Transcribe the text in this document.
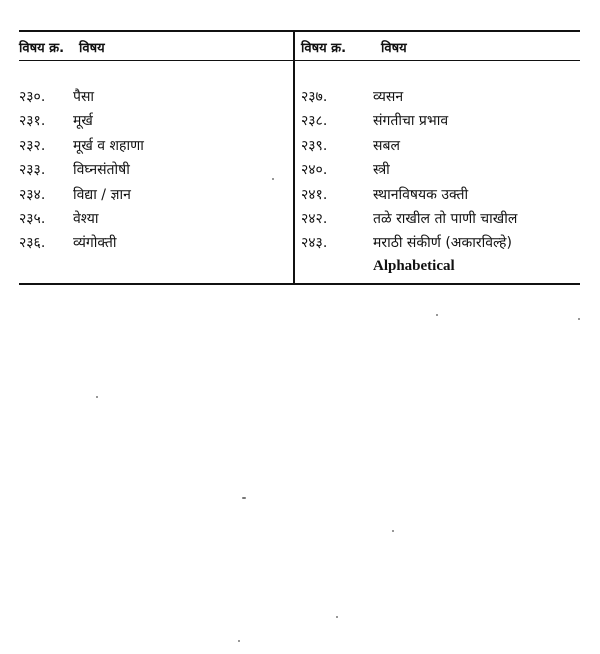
विषय क्र. विषय
२३०. पैसा
२३१. मूर्ख
२३२. मूर्ख व शहाणा
२३३. विघ्नसंतोषी
२३४. विद्या / ज्ञान
२३५. वेश्या
२३६. व्यंगोक्ती
विषय क्र.	विषय
२३७.	व्यसन
२३८.	संगतीचा प्रभाव
२३९.	सबल
२४०.	स्त्री
२४१.	स्थानविषयक उक्ती
२४२.	तळे राखील तो पाणी चाखील
२४३.	मराठी संकीर्ण (अकारविल्हे)
Alphabetical
